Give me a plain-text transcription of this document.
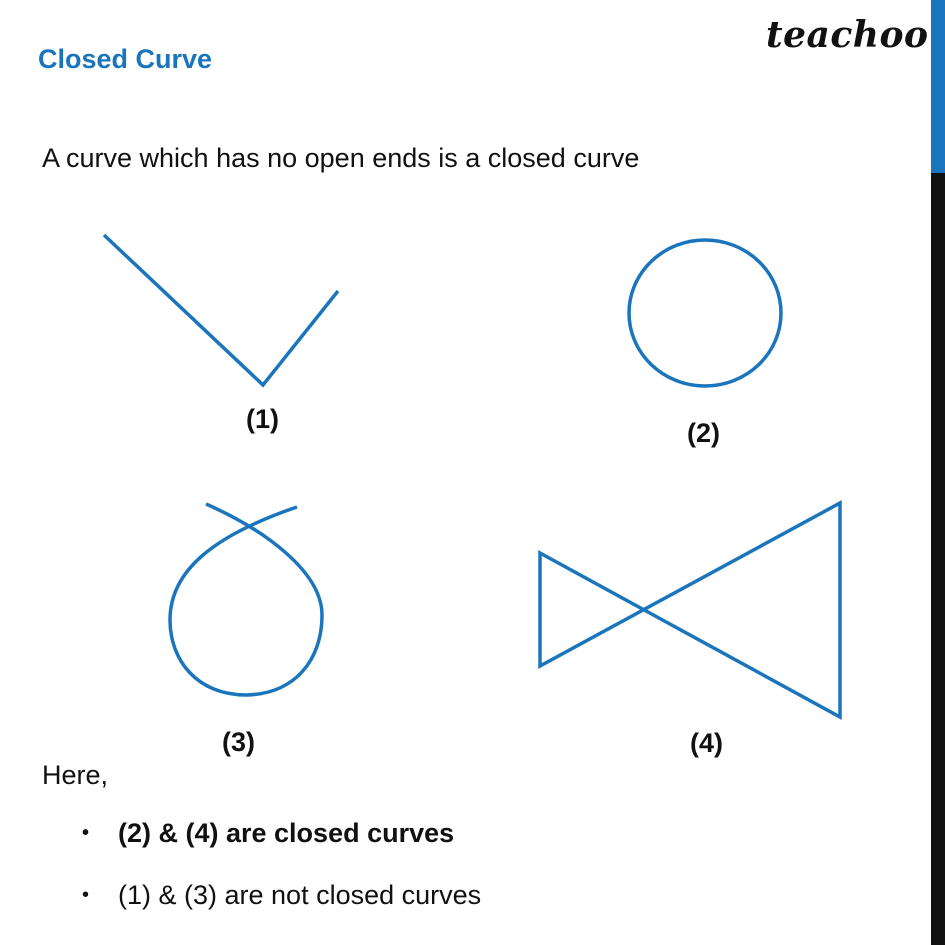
Closed Curve
teachoo
A curve which has no open ends is a closed curve
(1)	(2)
(3)	(4)
Here,
•	(2) & (4) are closed curves
•	(1) & (3) are not closed curves
